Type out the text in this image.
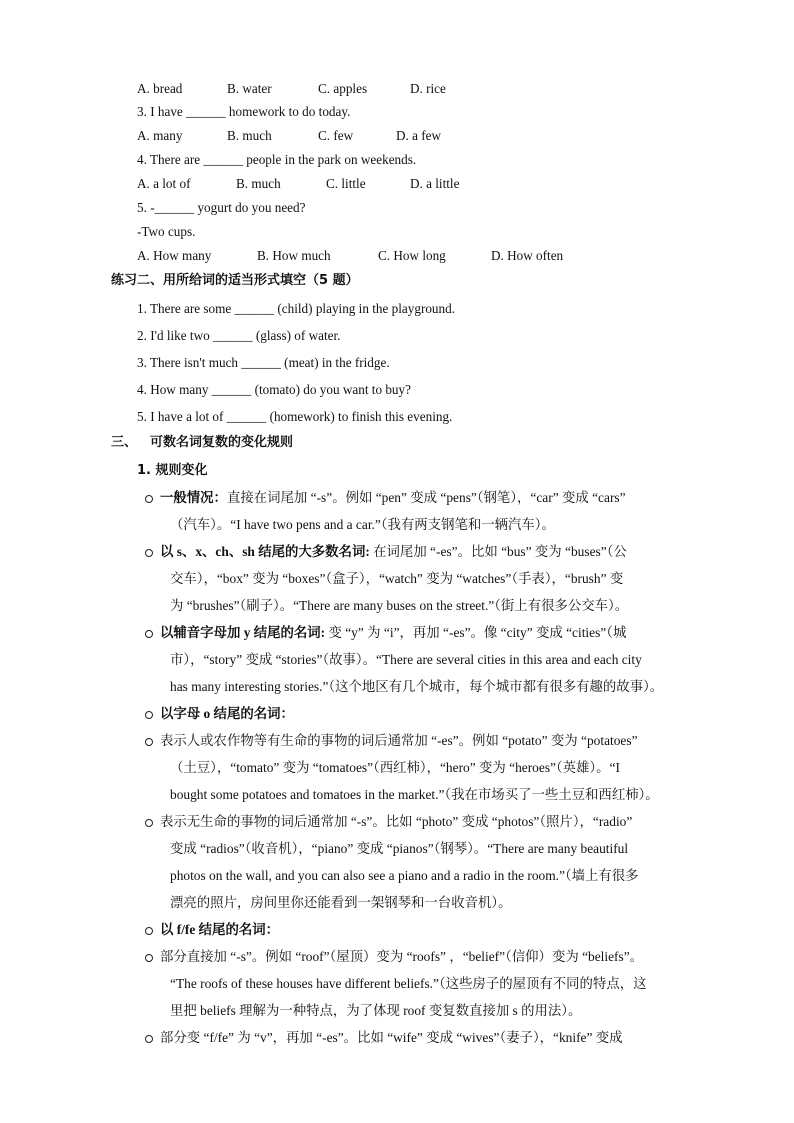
A. bread	B. water	C. apples	D. rice
3. I have ______ homework to do today.
A. many	B. much	C. few	D. a few
4. There are ______ people in the park on weekends.
A. a lot of	B. much	C. little	D. a little
5. -______ yogurt do you need?
-Two cups.
A. How many	B. How much	C. How long	D. How often
练习二、用所给词的适当形式填空（5 题）
1. There are some ______ (child) playing in the playground.
2. I'd like two ______ (glass) of water.
3. There isn't much ______ (meat) in the fridge.
4. How many ______ (tomato) do you want to buy?
5. I have a lot of ______ (homework) to finish this evening.
三、 可数名词复数的变化规则
1. 规则变化
一般情况：直接在词尾加 “-s”。例如 “pen” 变成 “pens”（钢笔），“car” 变成 “cars”
（汽车）。“I have two pens and a car.”（我有两支钢笔和一辆汽车）。
以 s、x、ch、sh 结尾的大多数名词: 在词尾加 “-es”。比如 “bus” 变为 “buses”（公
交车），“box” 变为 “boxes”（盒子），“watch” 变为 “watches”（手表），“brush” 变
为 “brushes”（刷子）。“There are many buses on the street.”（街上有很多公交车）。
以辅音字母加 y 结尾的名词: 变 “y” 为 “i”，再加 “-es”。像 “city” 变成 “cities”（城
市），“story” 变成 “stories”（故事）。“There are several cities in this area and each city
has many interesting stories.”（这个地区有几个城市，每个城市都有很多有趣的故事）。
以字母 o 结尾的名词：
表示人或农作物等有生命的事物的词后通常加 “-es”。例如 “potato” 变为 “potatoes”
（土豆），“tomato” 变为 “tomatoes”（西红柿），“hero” 变为 “heroes”（英雄）。“I
bought some potatoes and tomatoes in the market.”（我在市场买了一些土豆和西红柿）。
表示无生命的事物的词后通常加 “-s”。比如 “photo” 变成 “photos”（照片），“radio”
变成 “radios”（收音机），“piano” 变成 “pianos”（钢琴）。“There are many beautiful
photos on the wall, and you can also see a piano and a radio in the room.”（墙上有很多
漂亮的照片，房间里你还能看到一架钢琴和一台收音机）。
以 f/fe 结尾的名词：
部分直接加 “-s”。例如 “roof”（屋顶）变为 “roofs” ，“belief”（信仰）变为 “beliefs”。
“The roofs of these houses have different beliefs.”（这些房子的屋顶有不同的特点，这
里把 beliefs 理解为一种特点，为了体现 roof 变复数直接加 s 的用法）。
部分变 “f/fe” 为 “v”，再加 “-es”。比如 “wife” 变成 “wives”（妻子），“knife” 变成
